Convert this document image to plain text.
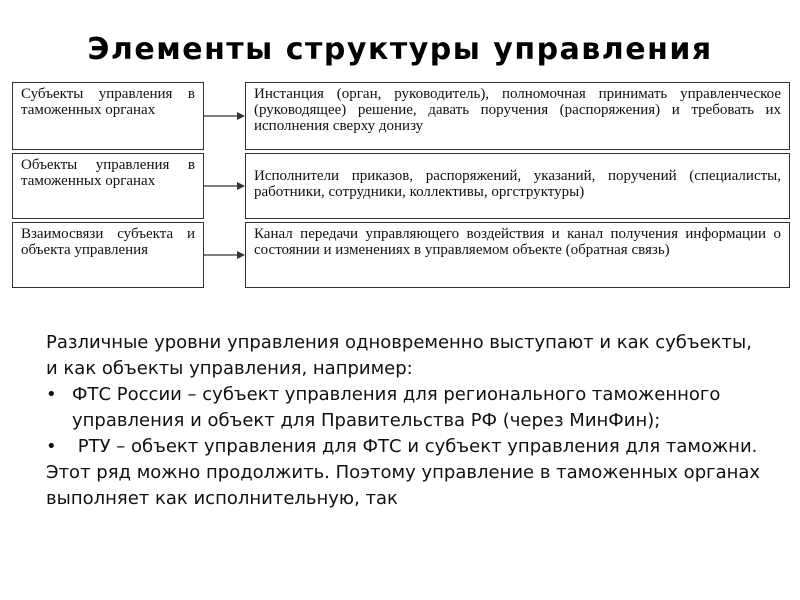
Элементы структуры управления
Субъекты управления в таможенных органах
Инстанция (орган, руководитель), полномочная принимать управленческое (руководящее) решение, давать поручения (распоряжения) и требовать их исполнения сверху донизу
Объекты управления в таможенных органах	Исполнители приказов, распоряжений, указаний, поручений (специалисты, работники, сотрудники, коллективы, оргструктуры)
Взаимосвязи субъекта и объекта управления
Канал передачи управляющего воздействия и канал получения информации о состоянии и изменениях в управляемом объекте (обратная связь)

Различные уровни управления одновременно выступают и как субъекты,

и как объекты управления, например:

• ФТС России – субъект управления для регионального таможенного управления и объект для Правительства РФ (через МинФин);
• РТУ – объект управления для ФТС и субъект управления для таможни.

Этот ряд можно продолжить. Поэтому управление в таможенных органах выполняет как исполнительную, так
